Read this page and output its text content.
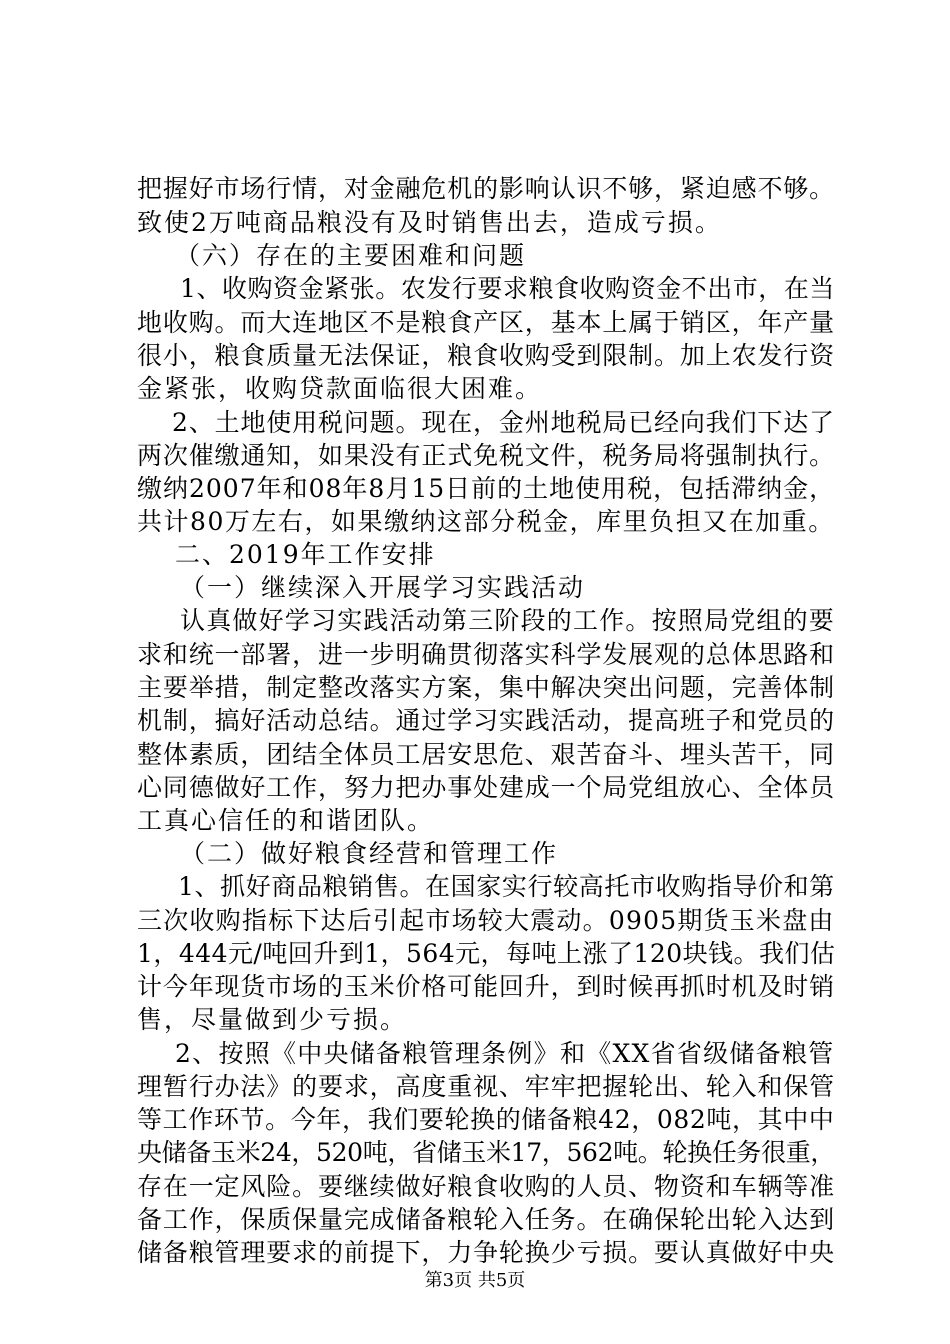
把握好市场行情，对金融危机的影响认识不够，紧迫感不够。
致使2万吨商品粮没有及时销售出去，造成亏损。
（六）存在的主要困难和问题
1、收购资金紧张。农发行要求粮食收购资金不出市，在当
地收购。而大连地区不是粮食产区，基本上属于销区，年产量
很小，粮食质量无法保证，粮食收购受到限制。加上农发行资
金紧张，收购贷款面临很大困难。
2、土地使用税问题。现在，金州地税局已经向我们下达了
两次催缴通知，如果没有正式免税文件，税务局将强制执行。
缴纳2007年和08年8月15日前的土地使用税，包括滞纳金，
共计80万左右，如果缴纳这部分税金，库里负担又在加重。
二、2019年工作安排
（一）继续深入开展学习实践活动
认真做好学习实践活动第三阶段的工作。按照局党组的要
求和统一部署，进一步明确贯彻落实科学发展观的总体思路和
主要举措，制定整改落实方案，集中解决突出问题，完善体制
机制，搞好活动总结。通过学习实践活动，提高班子和党员的
整体素质，团结全体员工居安思危、艰苦奋斗、埋头苦干，同
心同德做好工作，努力把办事处建成一个局党组放心、全体员
工真心信任的和谐团队。
（二）做好粮食经营和管理工作
1、抓好商品粮销售。在国家实行较高托市收购指导价和第
三次收购指标下达后引起市场较大震动。0905期货玉米盘由
1，444元/吨回升到1，564元，每吨上涨了120块钱。我们估
计今年现货市场的玉米价格可能回升，到时候再抓时机及时销
售，尽量做到少亏损。
2、按照《中央储备粮管理条例》和《XX省省级储备粮管
理暂行办法》的要求，高度重视、牢牢把握轮出、轮入和保管
等工作环节。今年，我们要轮换的储备粮42，082吨，其中中
央储备玉米24，520吨，省储玉米17，562吨。轮换任务很重，
存在一定风险。要继续做好粮食收购的人员、物资和车辆等准
备工作，保质保量完成储备粮轮入任务。在确保轮出轮入达到
储备粮管理要求的前提下，力争轮换少亏损。要认真做好中央
第3页 共5页
